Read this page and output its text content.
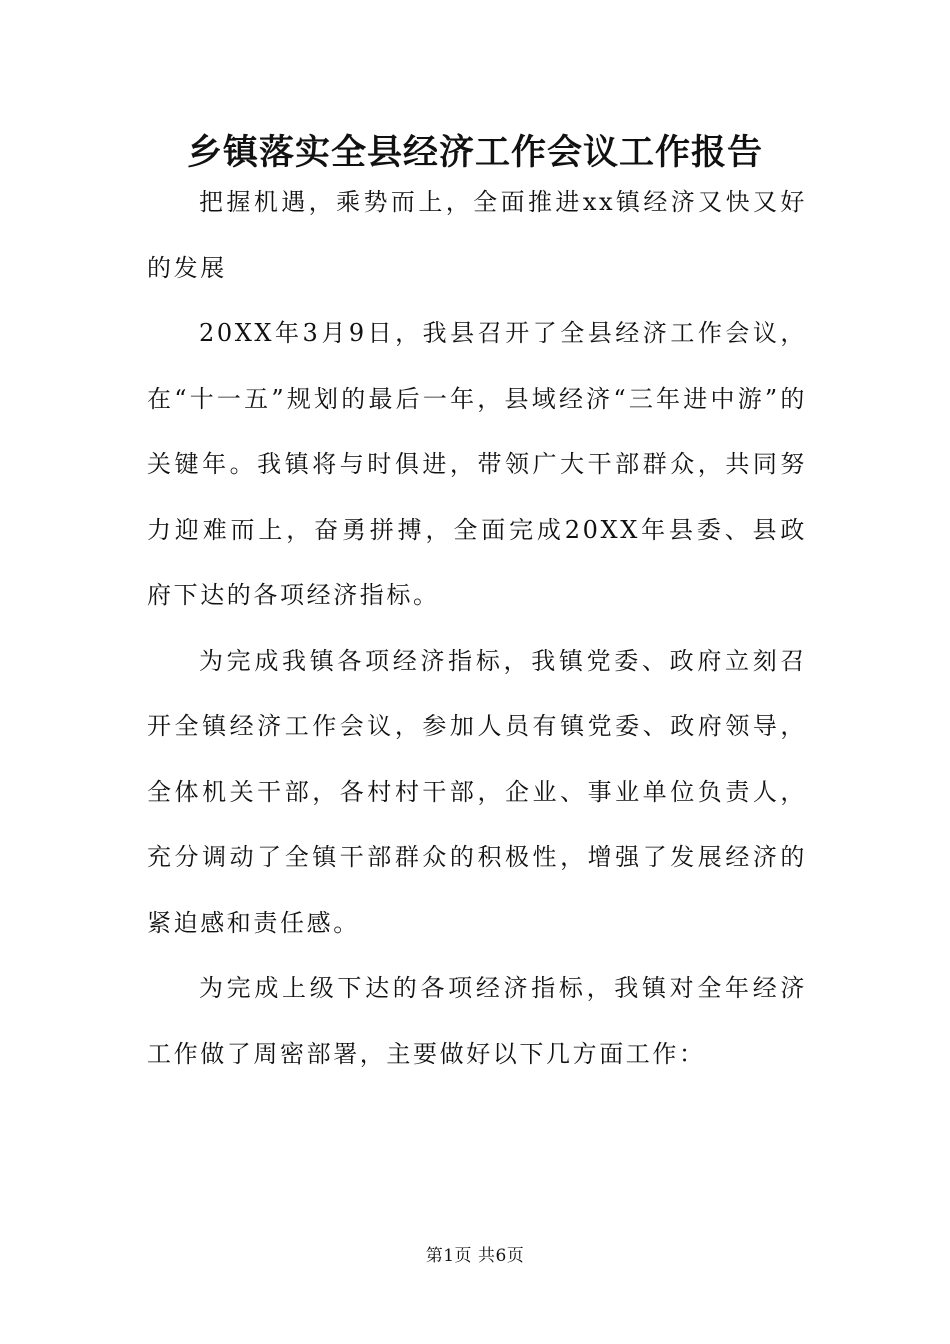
乡镇落实全县经济工作会议工作报告

把握机遇，乘势而上，全面推进xx镇经济又快又好的发展

20XX年3月9日，我县召开了全县经济工作会议，在“十一五”规划的最后一年，县域经济“三年进中游”的关键年。我镇将与时俱进，带领广大干部群众，共同努力迎难而上，奋勇拼搏，全面完成20XX年县委、县政府下达的各项经济指标。

为完成我镇各项经济指标，我镇党委、政府立刻召开全镇经济工作会议，参加人员有镇党委、政府领导，全体机关干部，各村村干部，企业、事业单位负责人，充分调动了全镇干部群众的积极性，增强了发展经济的紧迫感和责任感。

为完成上级下达的各项经济指标，我镇对全年经济工作做了周密部署，主要做好以下几方面工作：

第1页 共6页
